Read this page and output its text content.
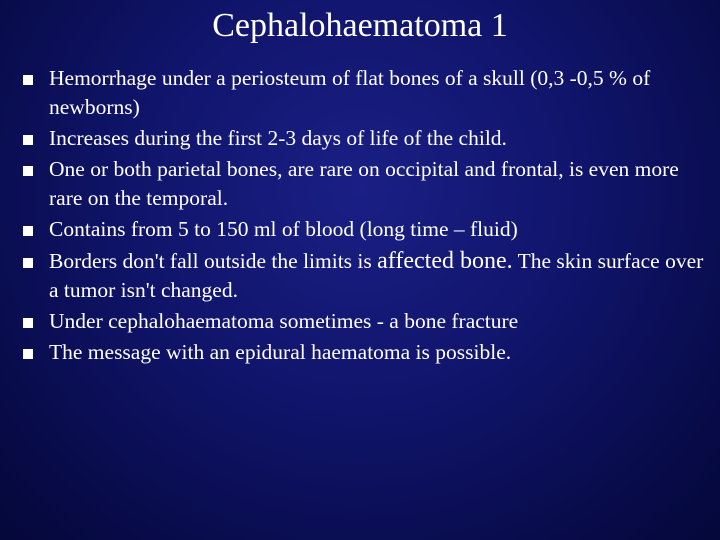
Cephalohaematoma 1
Hemorrhage under a periosteum of flat bones of a skull (0,3 -0,5 % of newborns)
Increases during the first 2-3 days of life of the child.
One or both parietal bones, are rare on occipital and frontal, is even more rare on the temporal.
Contains from 5 to 150 ml of blood (long time – fluid)
Borders don't fall outside the limits is affected bone. The skin surface over a tumor isn't changed.
Under cephalohaematoma sometimes - a bone fracture
The message with an epidural haematoma is possible.
